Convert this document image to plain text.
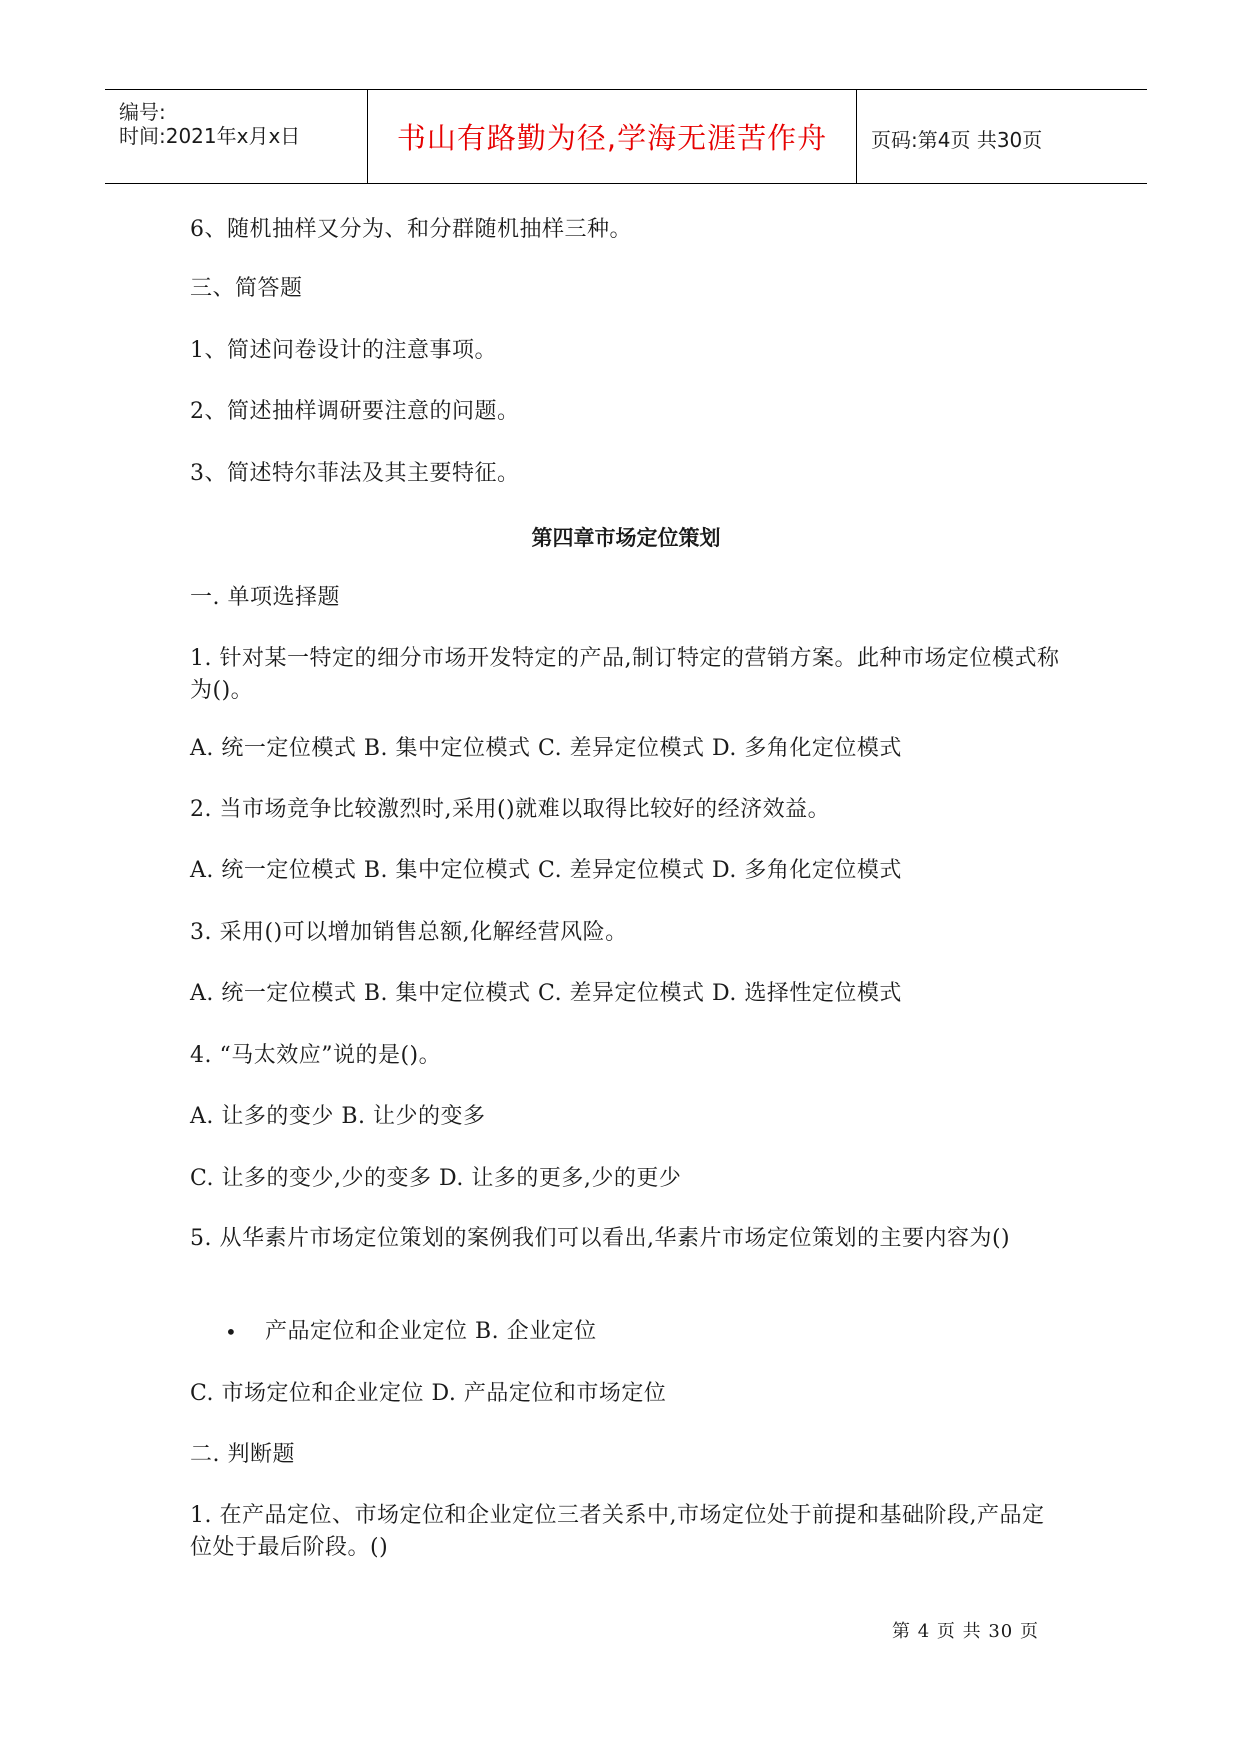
编号:
时间:2021年x月x日	书山有路勤为径,学海无涯苦作舟	页码:第4页 共30页
6、随机抽样又分为、和分群随机抽样三种。
三、简答题
1、简述问卷设计的注意事项。
2、简述抽样调研要注意的问题。
3、简述特尔菲法及其主要特征。
第四章市场定位策划
一. 单项选择题
1. 针对某一特定的细分市场开发特定的产品,制订特定的营销方案。此种市场定位模式称为()。
A. 统一定位模式 B. 集中定位模式 C. 差异定位模式 D. 多角化定位模式
2. 当市场竞争比较激烈时,采用()就难以取得比较好的经济效益。
A. 统一定位模式 B. 集中定位模式 C. 差异定位模式 D. 多角化定位模式
3. 采用()可以增加销售总额,化解经营风险。
A. 统一定位模式 B. 集中定位模式 C. 差异定位模式 D. 选择性定位模式
4. “马太效应”说的是()。
A. 让多的变少 B. 让少的变多
C. 让多的变少,少的变多 D. 让多的更多,少的更少
5. 从华素片市场定位策划的案例我们可以看出,华素片市场定位策划的主要内容为()
• 产品定位和企业定位 B. 企业定位
C. 市场定位和企业定位 D. 产品定位和市场定位
二. 判断题
1. 在产品定位、市场定位和企业定位三者关系中,市场定位处于前提和基础阶段,产品定位处于最后阶段。()
第 4 页 共 30 页
